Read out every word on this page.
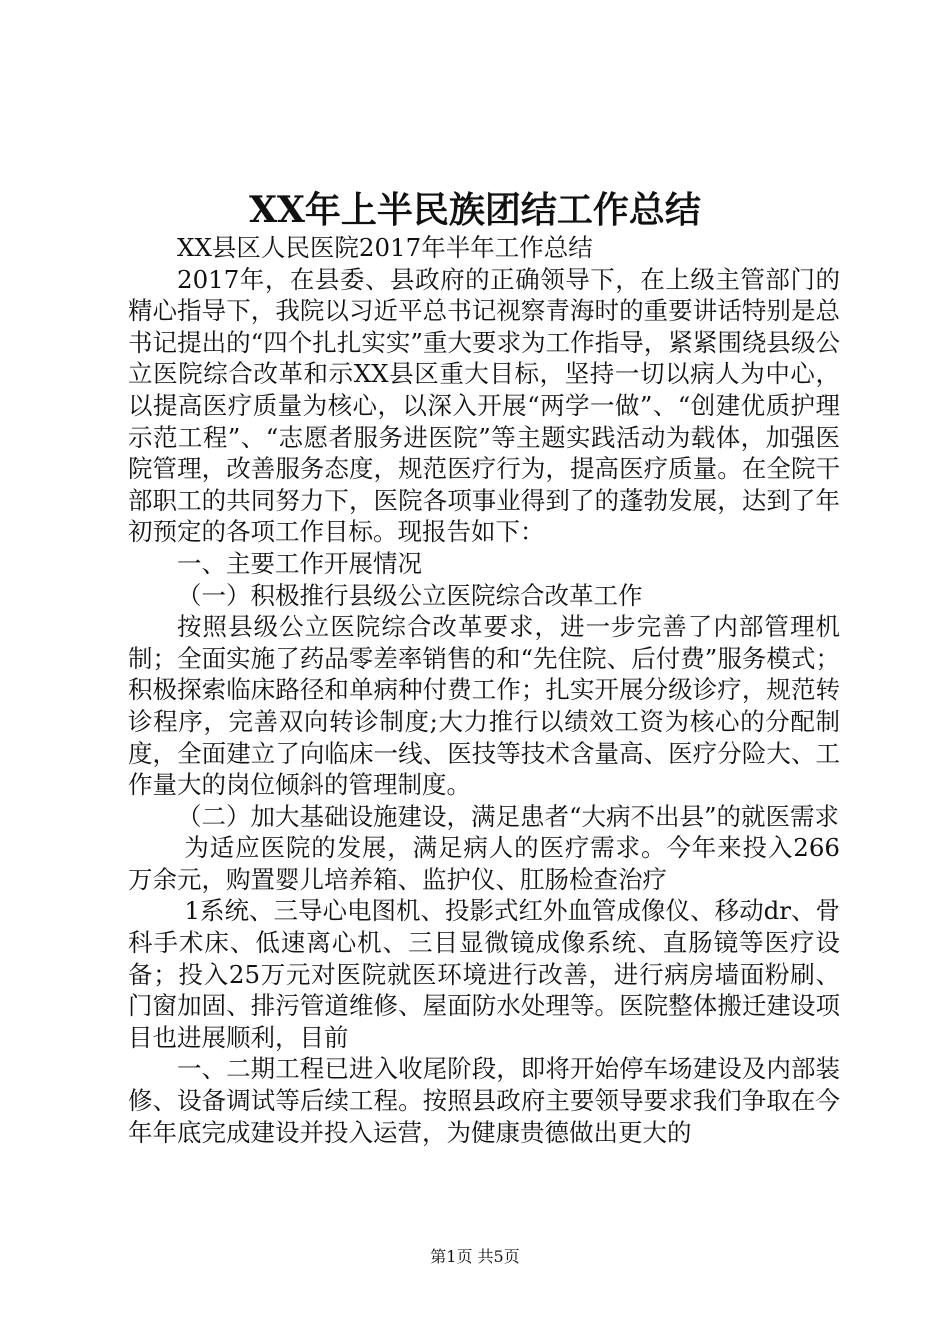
XX年上半民族团结工作总结

XX县区人民医院2017年半年工作总结

2017年，在县委、县政府的正确领导下，在上级主管部门的精心指导下，我院以习近平总书记视察青海时的重要讲话特别是总书记提出的“四个扎扎实实”重大要求为工作指导，紧紧围绕县级公立医院综合改革和示XX县区重大目标，坚持一切以病人为中心，以提高医疗质量为核心，以深入开展“两学一做”、“创建优质护理示范工程”、“志愿者服务进医院”等主题实践活动为载体，加强医院管理，改善服务态度，规范医疗行为，提高医疗质量。在全院干部职工的共同努力下，医院各项事业得到了的蓬勃发展，达到了年初预定的各项工作目标。现报告如下：

一、主要工作开展情况

（一）积极推行县级公立医院综合改革工作

按照县级公立医院综合改革要求，进一步完善了内部管理机制；全面实施了药品零差率销售的和“先住院、后付费”服务模式；积极探索临床路径和单病种付费工作；扎实开展分级诊疗，规范转诊程序，完善双向转诊制度;大力推行以绩效工资为核心的分配制度，全面建立了向临床一线、医技等技术含量高、医疗分险大、工作量大的岗位倾斜的管理制度。

（二）加大基础设施建设，满足患者“大病不出县”的就医需求

为适应医院的发展，满足病人的医疗需求。今年来投入266万余元，购置婴儿培养箱、监护仪、肛肠检查治疗

1系统、三导心电图机、投影式红外血管成像仪、移动dr、骨科手术床、低速离心机、三目显微镜成像系统、直肠镜等医疗设备；投入25万元对医院就医环境进行改善，进行病房墙面粉刷、门窗加固、排污管道维修、屋面防水处理等。医院整体搬迁建设项目也进展顺利，目前

一、二期工程已进入收尾阶段，即将开始停车场建设及内部装修、设备调试等后续工程。按照县政府主要领导要求我们争取在今年年底完成建设并投入运营，为健康贵德做出更大的

第1页 共5页
